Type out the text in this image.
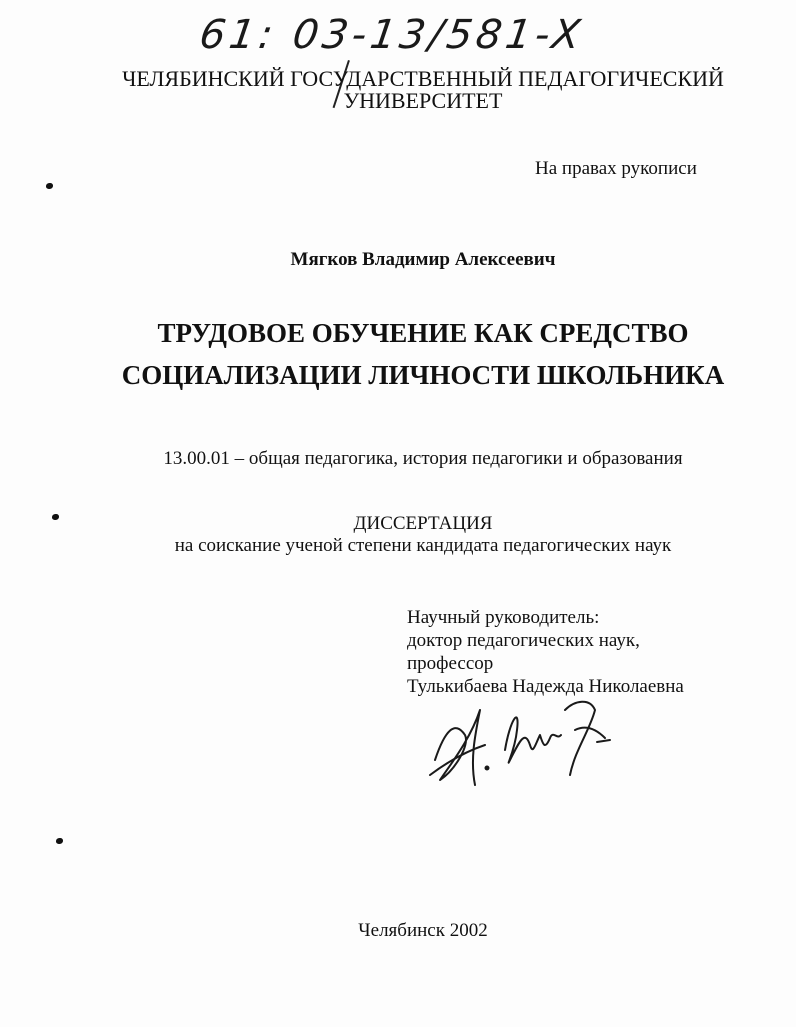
61: 03-13/581-X
ЧЕЛЯБИНСКИЙ ГОСУДАРСТВЕННЫЙ ПЕДАГОГИЧЕСКИЙ
УНИВЕРСИТЕТ
На правах рукописи
Мягков Владимир Алексеевич
ТРУДОВОЕ ОБУЧЕНИЕ КАК СРЕДСТВО
СОЦИАЛИЗАЦИИ ЛИЧНОСТИ ШКОЛЬНИКА
13.00.01 – общая педагогика, история педагогики и образования
ДИССЕРТАЦИЯ
на соискание ученой степени кандидата педагогических наук
Научный руководитель:
доктор педагогических наук,
профессор
Тулькибаева Надежда Николаевна
Челябинск 2002
